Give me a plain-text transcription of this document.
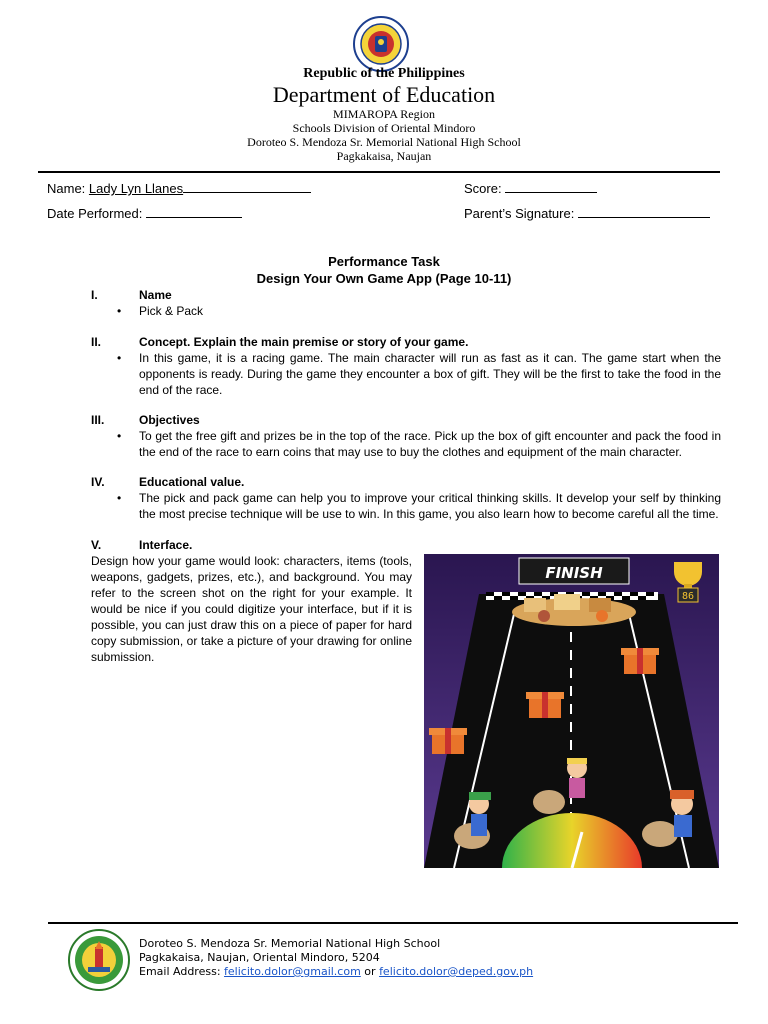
Republic of the Philippines
Department of Education
MIMAROPA Region
Schools Division of Oriental Mindoro
Doroteo S. Mendoza Sr. Memorial National High School
Pagkakaisa, Naujan
Name: Lady Lyn Llanes	Score:
Date Performed:	Parent’s Signature:
Performance Task
Design Your Own Game App (Page 10-11)
I.	Name
• Pick & Pack
II.	Concept. Explain the main premise or story of your game.
• In this game, it is a racing game. The main character will run as fast as it can. The game start when the opponents is ready. During the game they encounter a box of gift. They will be the first to take the food in the end of the race.
III.	Objectives
• To get the free gift and prizes be in the top of the race. Pick up the box of gift encounter and pack the food in the end of the race to earn coins that may use to buy the clothes and equipment of the main character.
IV.	Educational value.
• The pick and pack game can help you to improve your critical thinking skills. It develop your self by thinking the most precise technique will be use to win. In this game, you also learn how to become careful all the time.
V.	Interface.
Design how your game would look: characters, items (tools, weapons, gadgets, prizes, etc.), and background. You may refer to the screen shot on the right for your example. It would be nice if you could digitize your interface, but if it is possible, you can just draw this on a piece of paper for hard copy submission, or take a picture of your drawing for online submission.
FINISH
86
Doroteo S. Mendoza Sr. Memorial National High School
Pagkakaisa, Naujan, Oriental Mindoro, 5204
Email Address: felicito.dolor@gmail.com or felicito.dolor@deped.gov.ph
